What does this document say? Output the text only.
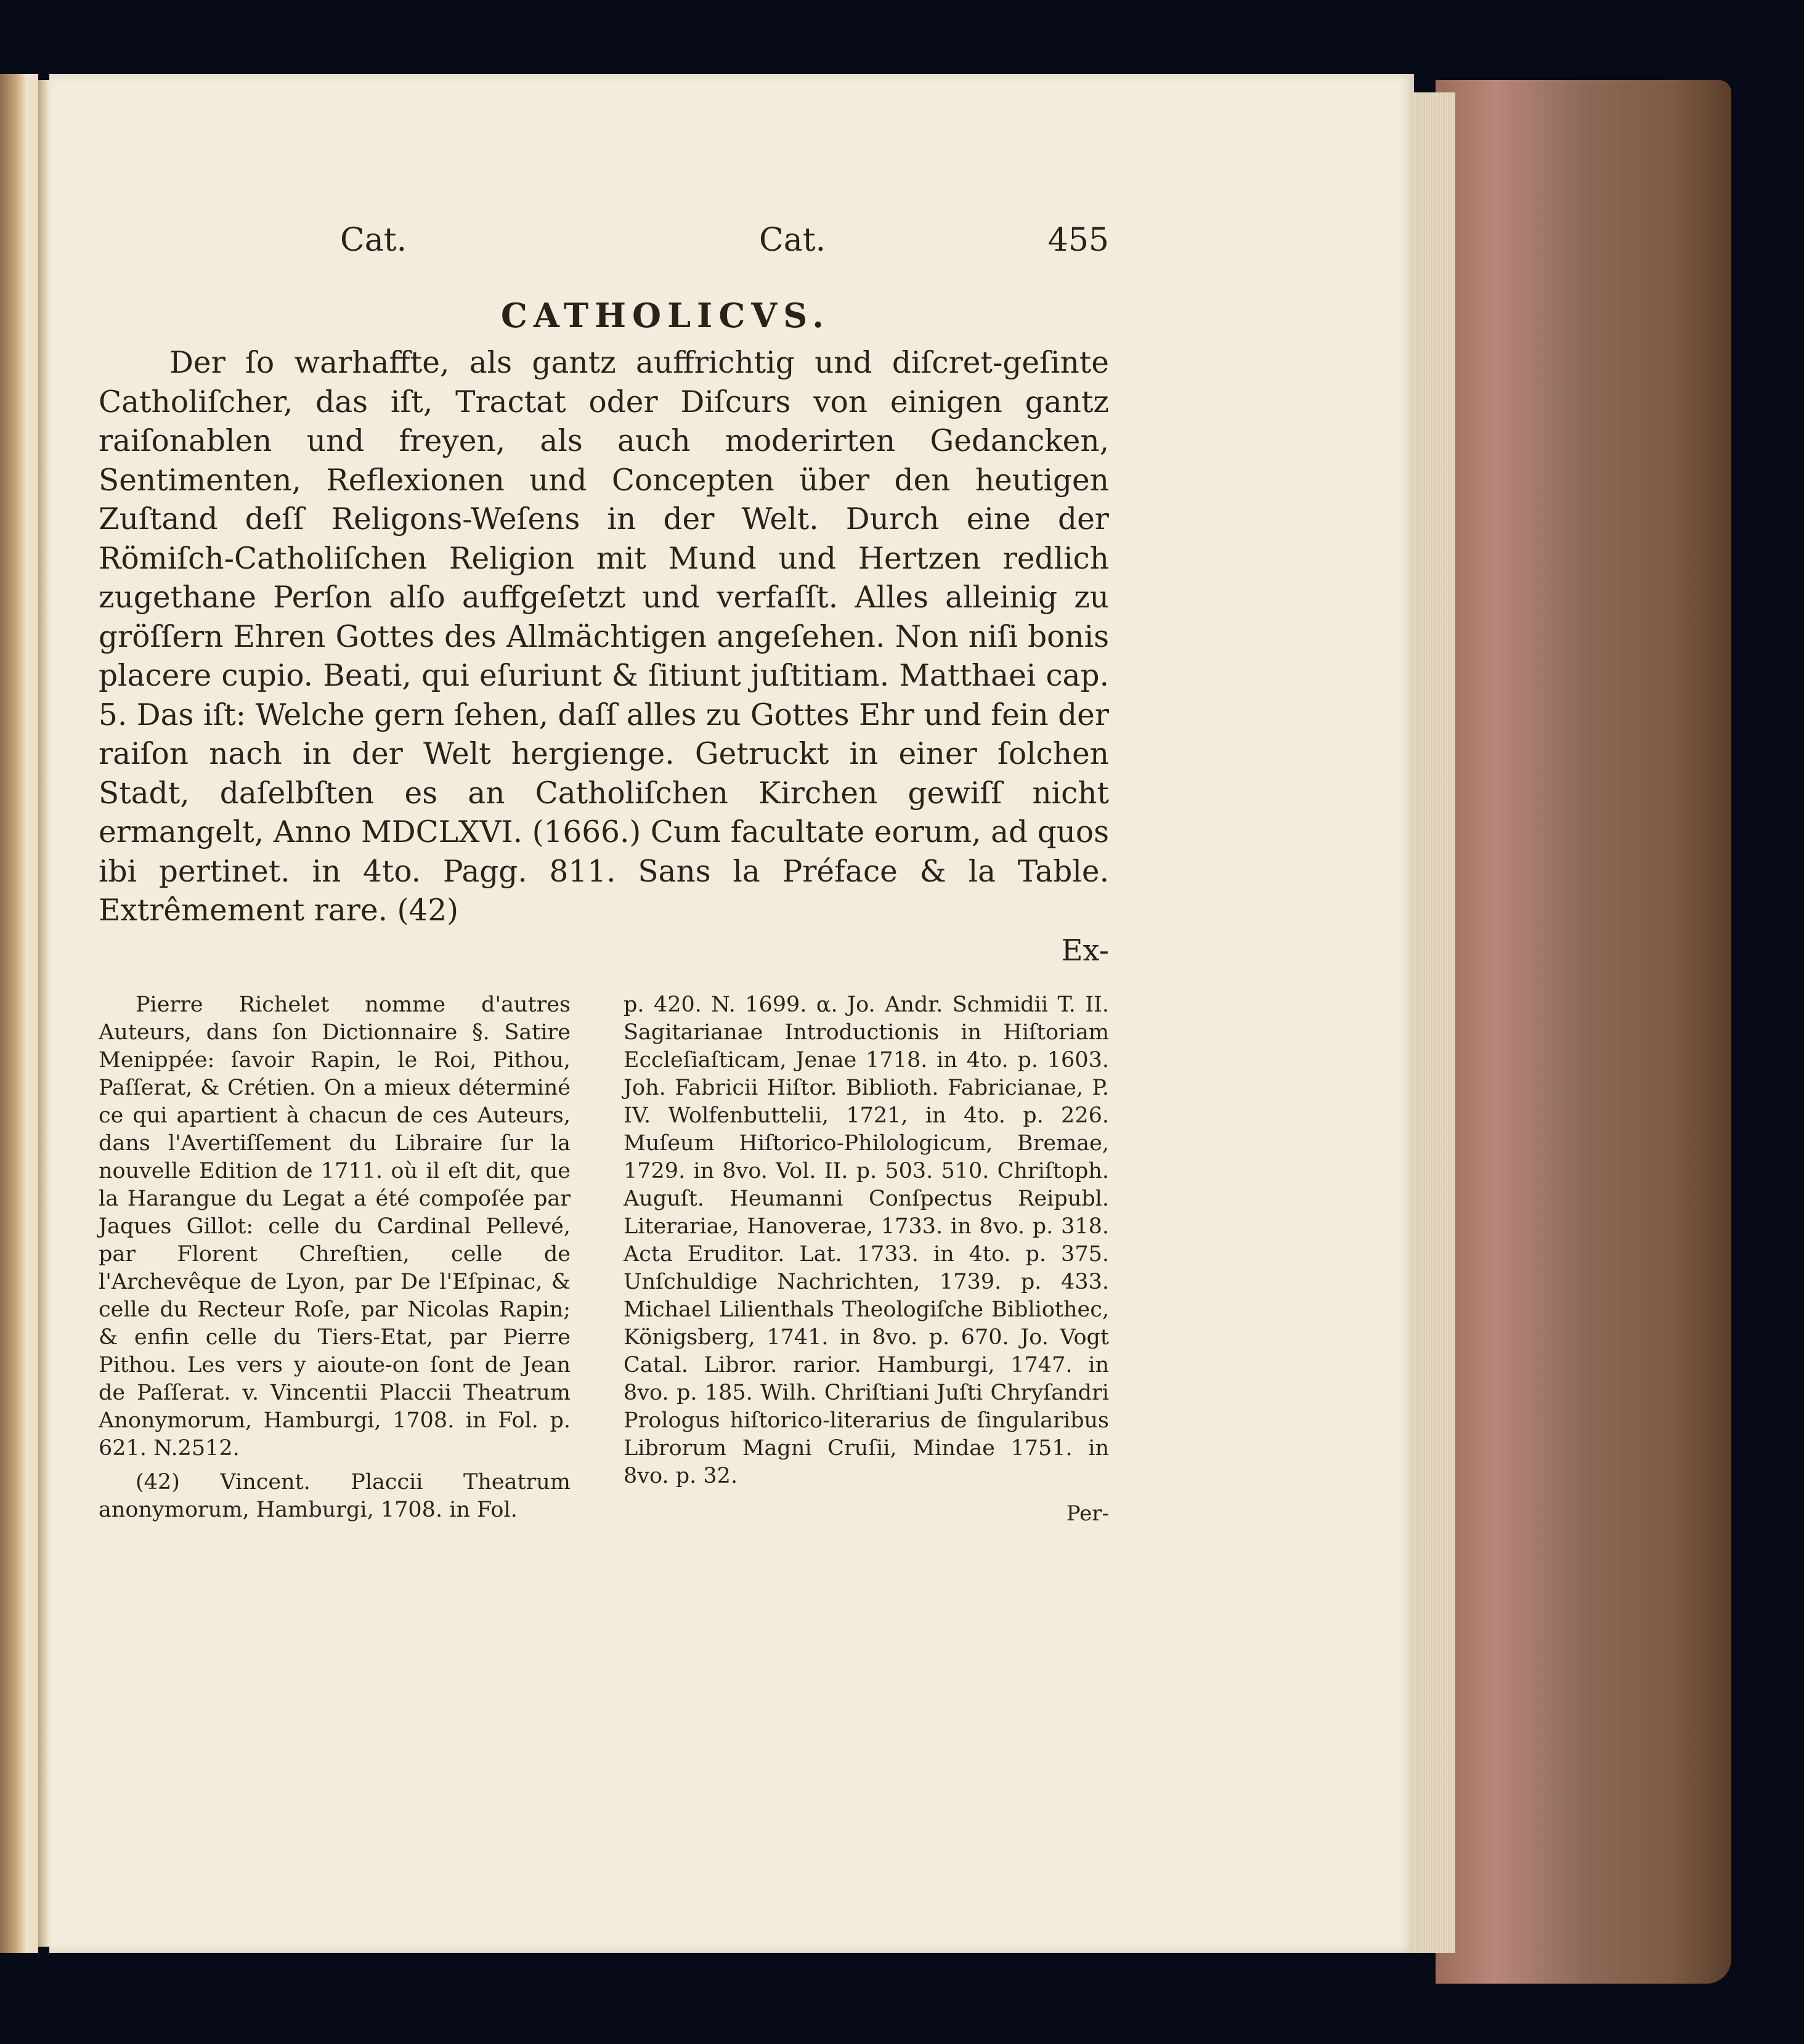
Cat.	Cat.	455
CATHOLICVS.

Der ſo warhaffte, als gantz auffrichtig und diſcret-geſinte Catholiſcher, das iſt, Tractat oder Diſcurs von einigen gantz raiſonablen und freyen, als auch moderirten Gedancken, Sentimenten, Reflexionen und Concepten über den heutigen Zuſtand deſſ Religons-Weſens in der Welt. Durch eine der Römiſch-Catholiſchen Religion mit Mund und Hertzen redlich zugethane Perſon alſo auffgeſetzt und verfaſſt. Alles alleinig zu gröſſern Ehren Gottes des Allmächtigen angeſehen. Non niſi bonis placere cupio. Beati, qui eſuriunt & ſitiunt juſtitiam. Matthaei cap. 5. Das iſt: Welche gern ſehen, daſſ alles zu Gottes Ehr und fein der raiſon nach in der Welt hergienge. Getruckt in einer ſolchen Stadt, daſelbſten es an Catholiſchen Kirchen gewiſſ nicht ermangelt, Anno MDCLXVI. (1666.) Cum facultate eorum, ad quos ibi pertinet. in 4to. Pagg. 811. Sans la Préface & la Table. Extrêmement rare. (42)

Ex-

Pierre Richelet nomme d'autres Auteurs, dans ſon Dictionnaire §. Satire Menippée: ſavoir Rapin, le Roi, Pithou, Paſſerat, & Crétien. On a mieux déterminé ce qui apartient à chacun de ces Auteurs, dans l'Avertiſſement du Libraire ſur la nouvelle Edition de 1711. où il eſt dit, que la Harangue du Legat a été compoſée par Jaques Gillot: celle du Cardinal Pellevé, par Florent Chreſtien, celle de l'Archevêque de Lyon, par De l'Eſpinac, & celle du Recteur Roſe, par Nicolas Rapin; & enfin celle du Tiers-Etat, par Pierre Pithou. Les vers y aioute-on ſont de Jean de Paſſerat. v. Vincentii Placcii Theatrum Anonymorum, Hamburgi, 1708. in Fol. p. 621. N.2512.

(42) Vincent. Placcii Theatrum anonymorum, Hamburgi, 1708. in Fol.

p. 420. N. 1699. α. Jo. Andr. Schmidii T. II. Sagitarianae Introductionis in Hiſtoriam Eccleſiaſticam, Jenae 1718. in 4to. p. 1603. Joh. Fabricii Hiſtor. Biblioth. Fabricianae, P. IV. Wolfenbuttelii, 1721, in 4to. p. 226. Muſeum Hiſtorico-Philologicum, Bremae, 1729. in 8vo. Vol. II. p. 503. 510. Chriſtoph. Auguſt. Heumanni Conſpectus Reipubl. Literariae, Hanoverae, 1733. in 8vo. p. 318. Acta Eruditor. Lat. 1733. in 4to. p. 375. Unſchuldige Nachrichten, 1739. p. 433. Michael Lilienthals Theologiſche Bibliothec, Königsberg, 1741. in 8vo. p. 670. Jo. Vogt Catal. Libror. rarior. Hamburgi, 1747. in 8vo. p. 185. Wilh. Chriſtiani Juſti Chryſandri Prologus hiſtorico-literarius de ſingularibus Librorum Magni Cruſii, Mindae 1751. in 8vo. p. 32.

Per-
